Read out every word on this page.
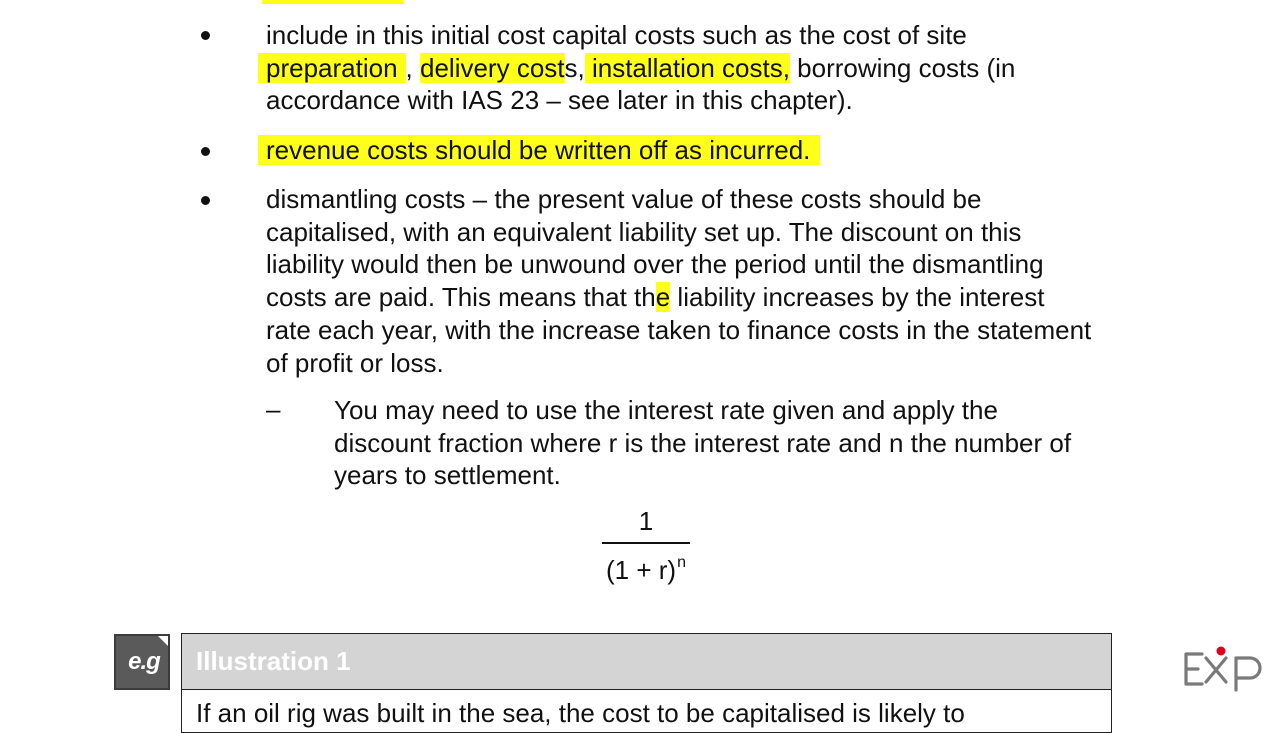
include in this initial cost capital costs such as the cost of site
preparation , delivery costs, installation costs, borrowing costs (in
accordance with IAS 23 – see later in this chapter).
revenue costs should be written off as incurred.
dismantling costs – the present value of these costs should be capitalised, with an equivalent liability set up. The discount on this liability would then be unwound over the period until the dismantling costs are paid. This means that the liability increases by the interest rate each year, with the increase taken to finance costs in the statement of profit or loss.
– You may need to use the interest rate given and apply the discount fraction where r is the interest rate and n the number of years to settlement.
1
$(1 + r)^n$
e.g	Illustration 1
If an oil rig was built in the sea, the cost to be capitalised is likely to
